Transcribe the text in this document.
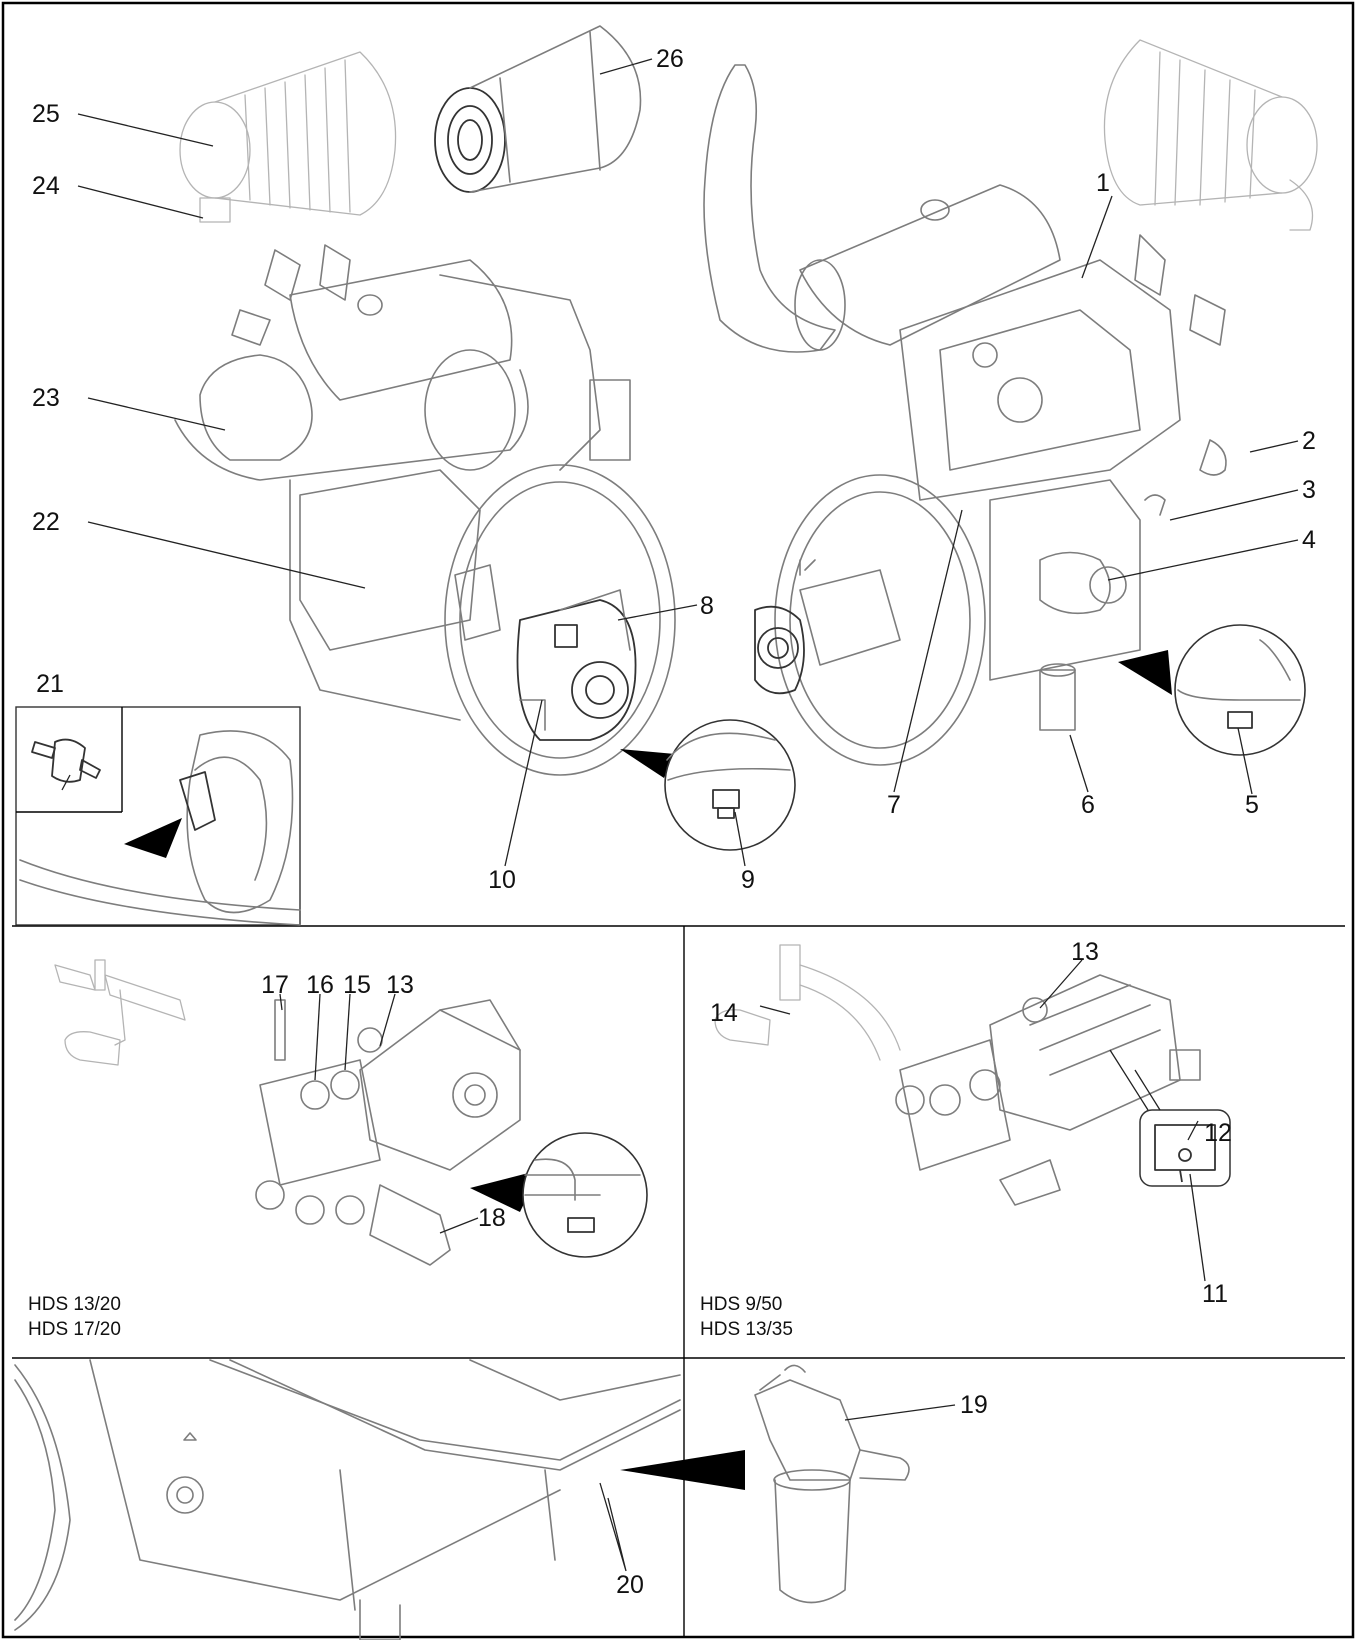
1
2
3
4
5
6
7
8
9
10
11
12
13
13
14
15
16
17
18
19
20
21
22
23
24
25
26
HDS 13/20
HDS 17/20
HDS 9/50
HDS 13/35
